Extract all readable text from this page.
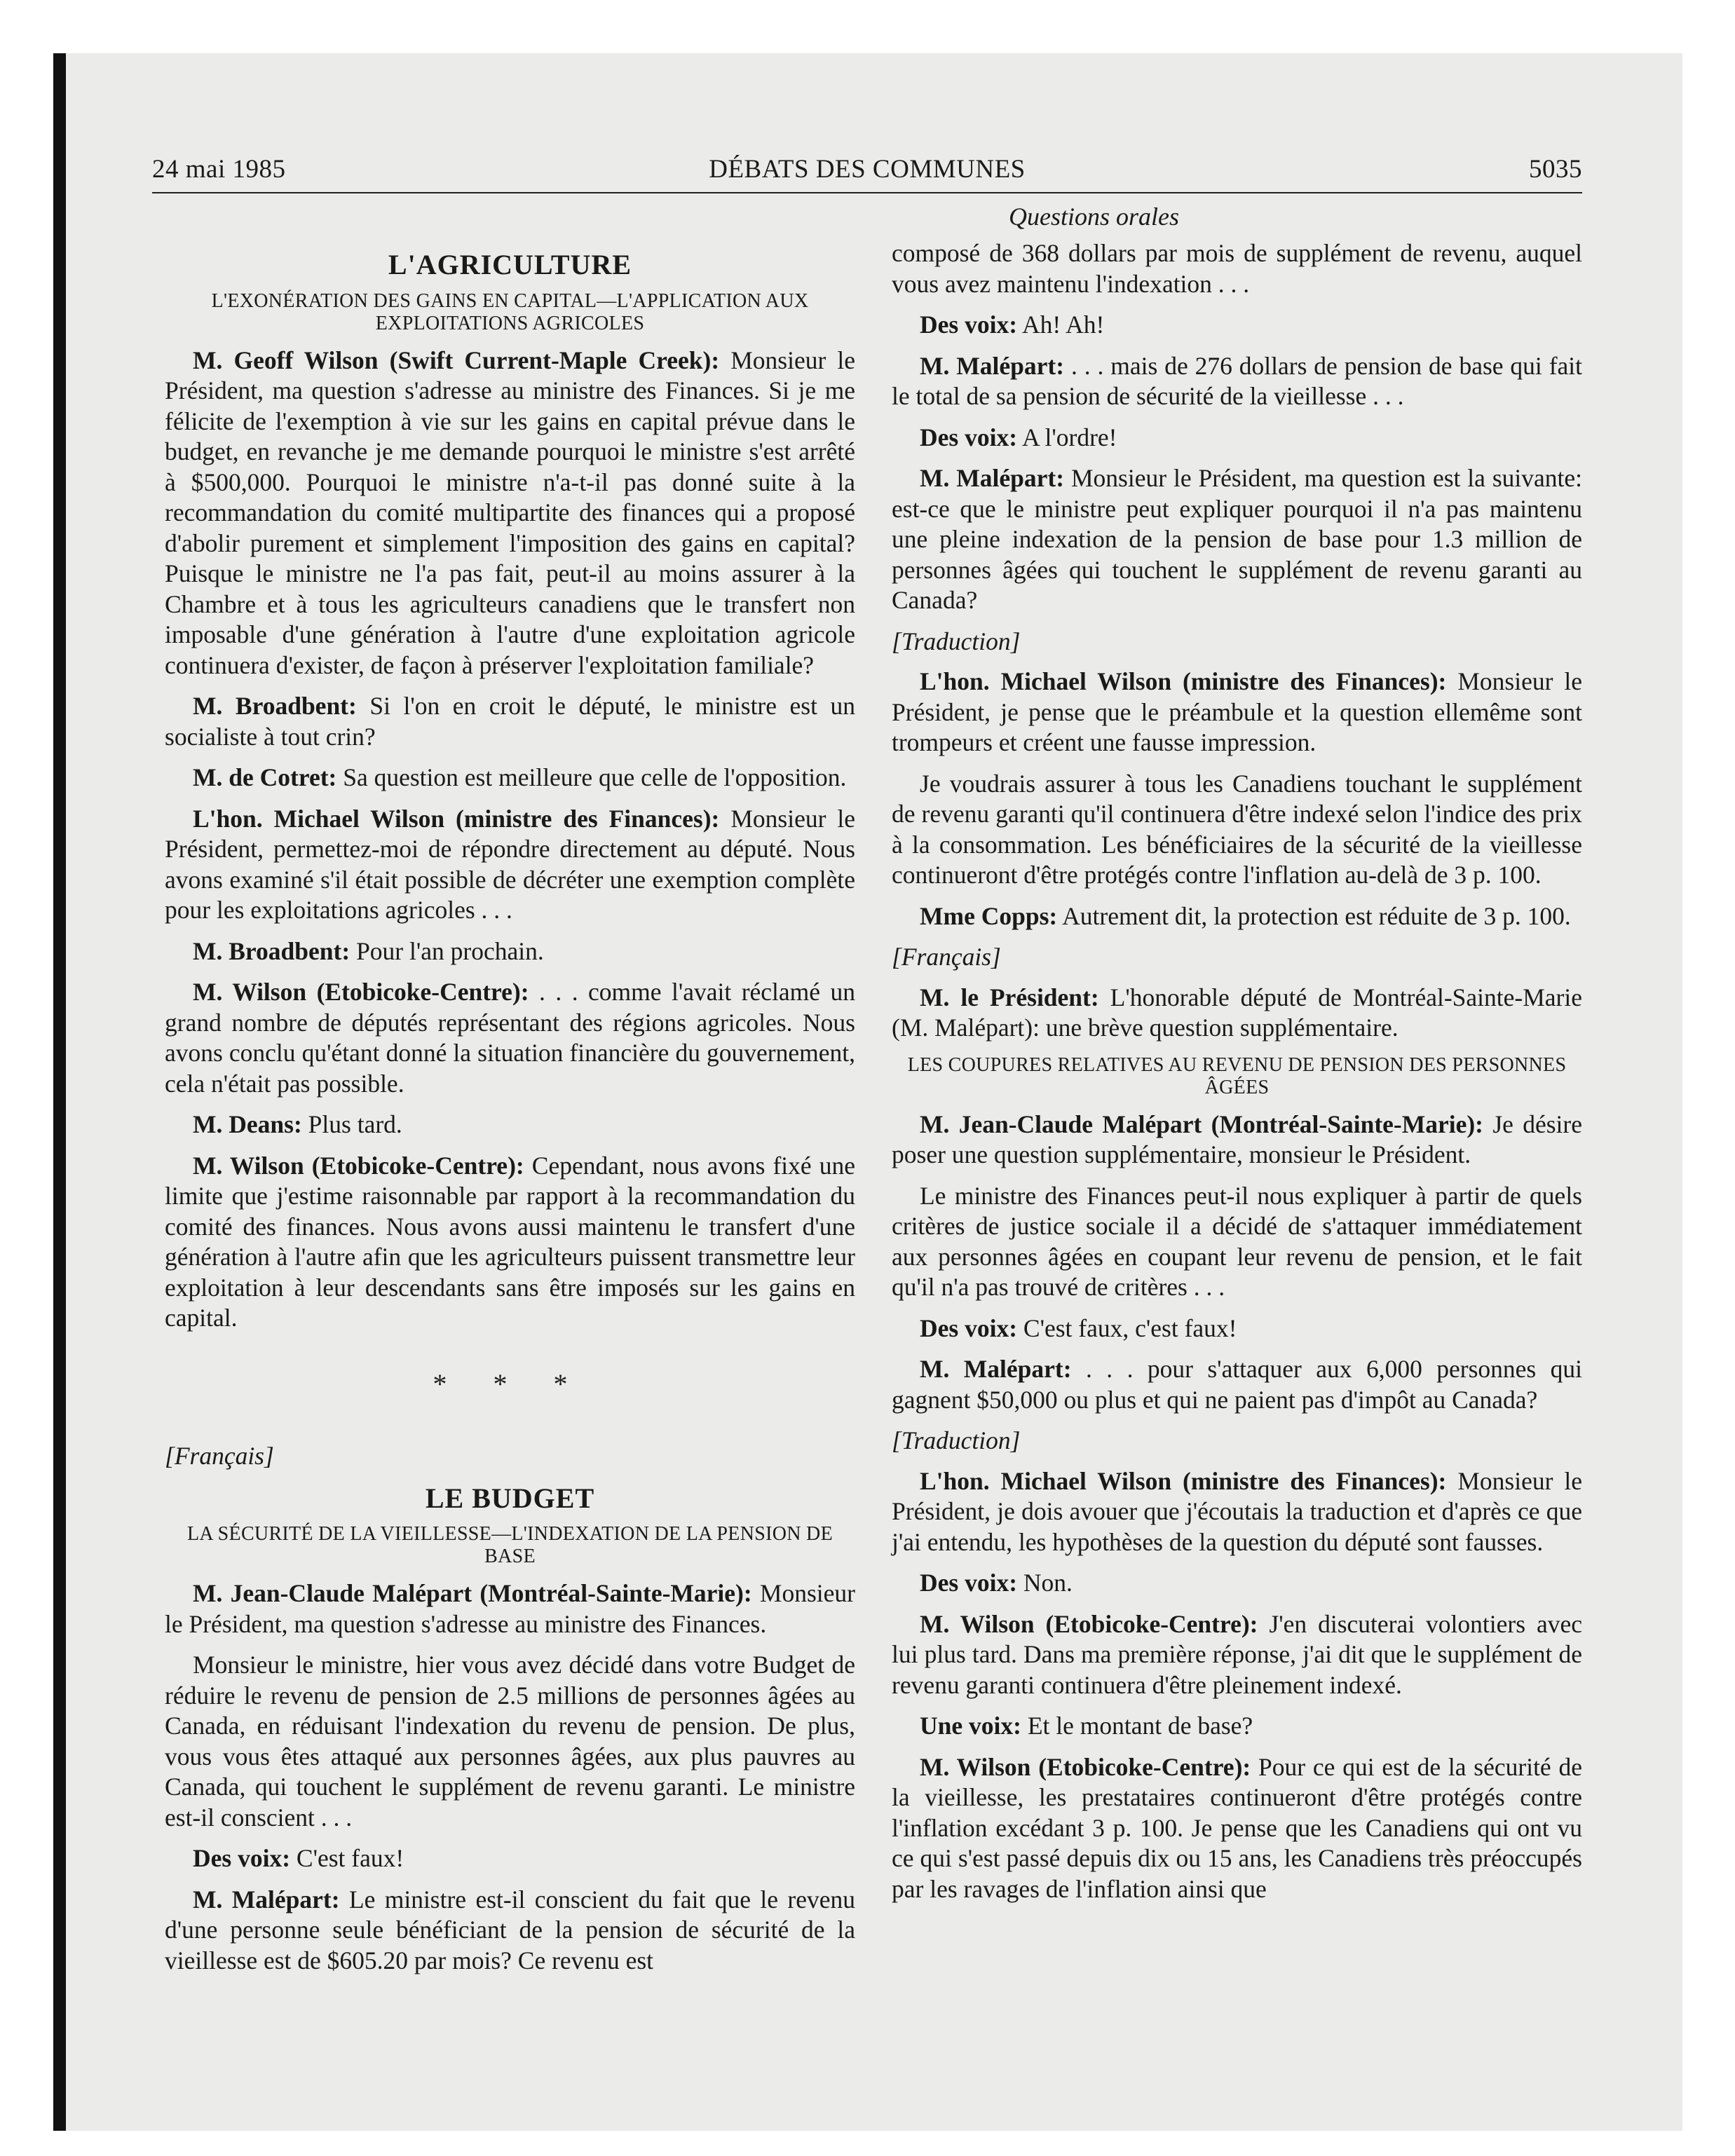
24 mai 1985	DÉBATS DES COMMUNES	5035
Questions orales
L'AGRICULTURE

L'EXONÉRATION DES GAINS EN CAPITAL—L'APPLICATION AUX EXPLOITATIONS AGRICOLES

M. Geoff Wilson (Swift Current-Maple Creek): Monsieur le Président, ma question s'adresse au ministre des Finances. Si je me félicite de l'exemption à vie sur les gains en capital prévue dans le budget, en revanche je me demande pourquoi le ministre s'est arrêté à $500,000. Pourquoi le ministre n'a-t-il pas donné suite à la recommandation du comité multipartite des finances qui a proposé d'abolir purement et simplement l'imposition des gains en capital? Puisque le ministre ne l'a pas fait, peut-il au moins assurer à la Chambre et à tous les agriculteurs canadiens que le transfert non imposable d'une génération à l'autre d'une exploitation agricole continuera d'exister, de façon à préserver l'exploitation familiale?

M. Broadbent: Si l'on en croit le député, le ministre est un socialiste à tout crin?

M. de Cotret: Sa question est meilleure que celle de l'opposition.

L'hon. Michael Wilson (ministre des Finances): Monsieur le Président, permettez-moi de répondre directement au député. Nous avons examiné s'il était possible de décréter une exemption complète pour les exploitations agricoles . . .

M. Broadbent: Pour l'an prochain.

M. Wilson (Etobicoke-Centre): . . . comme l'avait réclamé un grand nombre de députés représentant des régions agricoles. Nous avons conclu qu'étant donné la situation financière du gouvernement, cela n'était pas possible.

M. Deans: Plus tard.

M. Wilson (Etobicoke-Centre): Cependant, nous avons fixé une limite que j'estime raisonnable par rapport à la recommandation du comité des finances. Nous avons aussi maintenu le transfert d'une génération à l'autre afin que les agriculteurs puissent transmettre leur exploitation à leur descendants sans être imposés sur les gains en capital.

* * *

[Français]

LE BUDGET

LA SÉCURITÉ DE LA VIEILLESSE—L'INDEXATION DE LA PENSION DE BASE

M. Jean-Claude Malépart (Montréal-Sainte-Marie): Monsieur le Président, ma question s'adresse au ministre des Finances.

Monsieur le ministre, hier vous avez décidé dans votre Budget de réduire le revenu de pension de 2.5 millions de personnes âgées au Canada, en réduisant l'indexation du revenu de pension. De plus, vous vous êtes attaqué aux personnes âgées, aux plus pauvres au Canada, qui touchent le supplément de revenu garanti. Le ministre est-il conscient . . .

Des voix: C'est faux!

M. Malépart: Le ministre est-il conscient du fait que le revenu d'une personne seule bénéficiant de la pension de sécurité de la vieillesse est de $605.20 par mois? Ce revenu est

composé de 368 dollars par mois de supplément de revenu, auquel vous avez maintenu l'indexation . . .

Des voix: Ah! Ah!

M. Malépart: . . . mais de 276 dollars de pension de base qui fait le total de sa pension de sécurité de la vieillesse . . .

Des voix: A l'ordre!

M. Malépart: Monsieur le Président, ma question est la suivante: est-ce que le ministre peut expliquer pourquoi il n'a pas maintenu une pleine indexation de la pension de base pour 1.3 million de personnes âgées qui touchent le supplément de revenu garanti au Canada?

[Traduction]

L'hon. Michael Wilson (ministre des Finances): Monsieur le Président, je pense que le préambule et la question ellemême sont trompeurs et créent une fausse impression.

Je voudrais assurer à tous les Canadiens touchant le supplément de revenu garanti qu'il continuera d'être indexé selon l'indice des prix à la consommation. Les bénéficiaires de la sécurité de la vieillesse continueront d'être protégés contre l'inflation au-delà de 3 p. 100.

Mme Copps: Autrement dit, la protection est réduite de 3 p. 100.

[Français]

M. le Président: L'honorable député de Montréal-Sainte-Marie (M. Malépart): une brève question supplémentaire.

LES COUPURES RELATIVES AU REVENU DE PENSION DES PERSONNES ÂGÉES

M. Jean-Claude Malépart (Montréal-Sainte-Marie): Je désire poser une question supplémentaire, monsieur le Président.

Le ministre des Finances peut-il nous expliquer à partir de quels critères de justice sociale il a décidé de s'attaquer immédiatement aux personnes âgées en coupant leur revenu de pension, et le fait qu'il n'a pas trouvé de critères . . .

Des voix: C'est faux, c'est faux!

M. Malépart: . . . pour s'attaquer aux 6,000 personnes qui gagnent $50,000 ou plus et qui ne paient pas d'impôt au Canada?

[Traduction]

L'hon. Michael Wilson (ministre des Finances): Monsieur le Président, je dois avouer que j'écoutais la traduction et d'après ce que j'ai entendu, les hypothèses de la question du député sont fausses.

Des voix: Non.

M. Wilson (Etobicoke-Centre): J'en discuterai volontiers avec lui plus tard. Dans ma première réponse, j'ai dit que le supplément de revenu garanti continuera d'être pleinement indexé.

Une voix: Et le montant de base?

M. Wilson (Etobicoke-Centre): Pour ce qui est de la sécurité de la vieillesse, les prestataires continueront d'être protégés contre l'inflation excédant 3 p. 100. Je pense que les Canadiens qui ont vu ce qui s'est passé depuis dix ou 15 ans, les Canadiens très préoccupés par les ravages de l'inflation ainsi que
